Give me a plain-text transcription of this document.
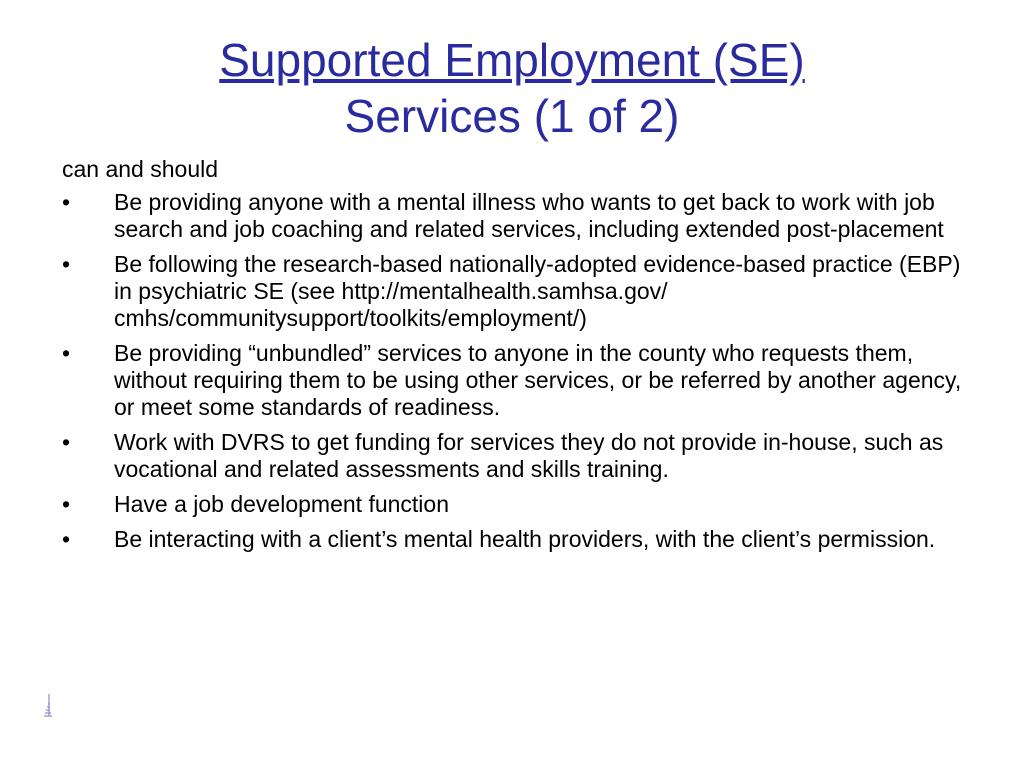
Supported Employment (SE)
Services (1 of 2)

can and should

•	Be providing anyone with a mental illness who wants to get back to work with job search and job coaching and related services, including extended post-placement
•	Be following the research-based nationally-adopted evidence-based practice (EBP) in psychiatric SE (see http://mentalhealth.samhsa.gov/ cmhs/communitysupport/toolkits/employment/)
•	Be providing “unbundled” services to anyone in the county who requests them, without requiring them to be using other services, or be referred by another agency, or meet some standards of readiness.
•	Work with DVRS to get funding for services they do not provide in-house, such as vocational and related assessments and skills training.
•	Have a job development function
•	Be interacting with a client’s mental health providers, with the client’s permission.
